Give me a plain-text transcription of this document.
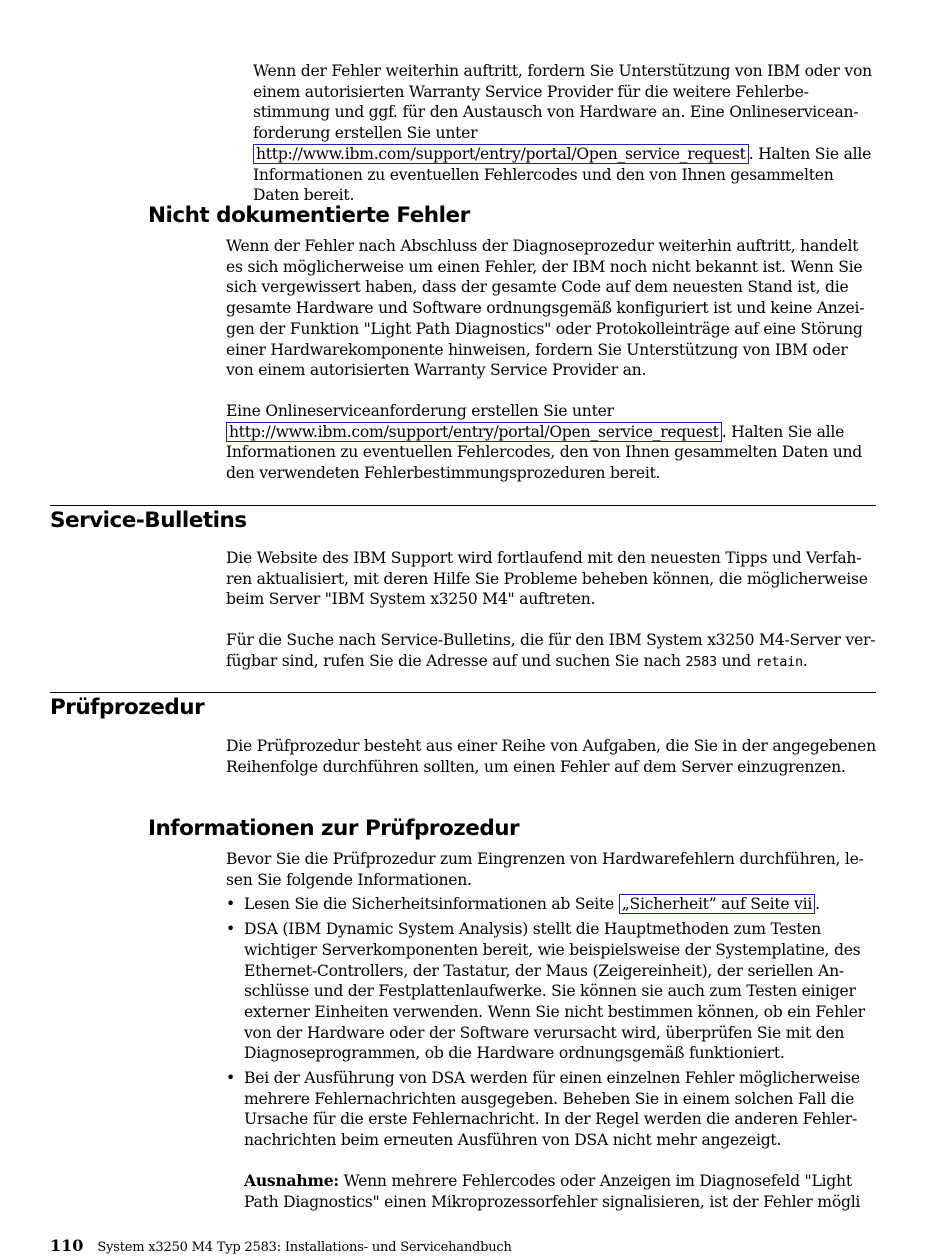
Wenn der Fehler weiterhin auftritt, fordern Sie Unterstützung von IBM oder von einem autorisierten Warranty Service Provider für die weitere Fehlerbestimmung und ggf. für den Austausch von Hardware an. Eine Onlineserviceanforderung erstellen Sie unter http://www.ibm.com/support/entry/portal/Open_service_request . Halten Sie alle Informationen zu eventuellen Fehlercodes und den von Ihnen gesammelten Daten bereit.

Nicht dokumentierte Fehler

Wenn der Fehler nach Abschluss der Diagnoseprozedur weiterhin auftritt, handelt es sich möglicherweise um einen Fehler, der IBM noch nicht bekannt ist. Wenn Sie sich vergewissert haben, dass der gesamte Code auf dem neuesten Stand ist, die gesamte Hardware und Software ordnungsgemäß konfiguriert ist und keine Anzeigen der Funktion "Light Path Diagnostics" oder Protokolleinträge auf eine Störung einer Hardwarekomponente hinweisen, fordern Sie Unterstützung von IBM oder von einem autorisierten Warranty Service Provider an.

Eine Onlineserviceanforderung erstellen Sie unter http://www.ibm.com/support/entry/portal/Open_service_request . Halten Sie alle Informationen zu eventuellen Fehlercodes, den von Ihnen gesammelten Daten und den verwendeten Fehlerbestimmungsprozeduren bereit.

Service-Bulletins

Die Website des IBM Support wird fortlaufend mit den neuesten Tipps und Verfahren aktualisiert, mit deren Hilfe Sie Probleme beheben können, die möglicherweise beim Server "IBM System x3250 M4" auftreten.

Für die Suche nach Service-Bulletins, die für den IBM System x3250 M4-Server verfügbar sind, rufen Sie die Adresse auf und suchen Sie nach 2583 und retain.

Prüfprozedur

Die Prüfprozedur besteht aus einer Reihe von Aufgaben, die Sie in der angegebenen Reihenfolge durchführen sollten, um einen Fehler auf dem Server einzugrenzen.

Informationen zur Prüfprozedur

Bevor Sie die Prüfprozedur zum Eingrenzen von Hardwarefehlern durchführen, lesen Sie folgende Informationen.

• Lesen Sie die Sicherheitsinformationen ab Seite „Sicherheit” auf Seite vii .
• DSA (IBM Dynamic System Analysis) stellt die Hauptmethoden zum Testen wichtiger Serverkomponenten bereit, wie beispielsweise der Systemplatine, des Ethernet-Controllers, der Tastatur, der Maus (Zeigereinheit), der seriellen Anschlüsse und der Festplattenlaufwerke. Sie können sie auch zum Testen einiger externer Einheiten verwenden. Wenn Sie nicht bestimmen können, ob ein Fehler von der Hardware oder der Software verursacht wird, überprüfen Sie mit den Diagnoseprogrammen, ob die Hardware ordnungsgemäß funktioniert.
• Bei der Ausführung von DSA werden für einen einzelnen Fehler möglicherweise mehrere Fehlernachrichten ausgegeben. Beheben Sie in einem solchen Fall die Ursache für die erste Fehlernachricht. In der Regel werden die anderen Fehlernachrichten beim erneuten Ausführen von DSA nicht mehr angezeigt.

Ausnahme: Wenn mehrere Fehlercodes oder Anzeigen im Diagnosefeld "Light Path Diagnostics" einen Mikroprozessorfehler signalisieren, ist der Fehler mögli

110 System x3250 M4 Typ 2583: Installations- und Servicehandbuch
